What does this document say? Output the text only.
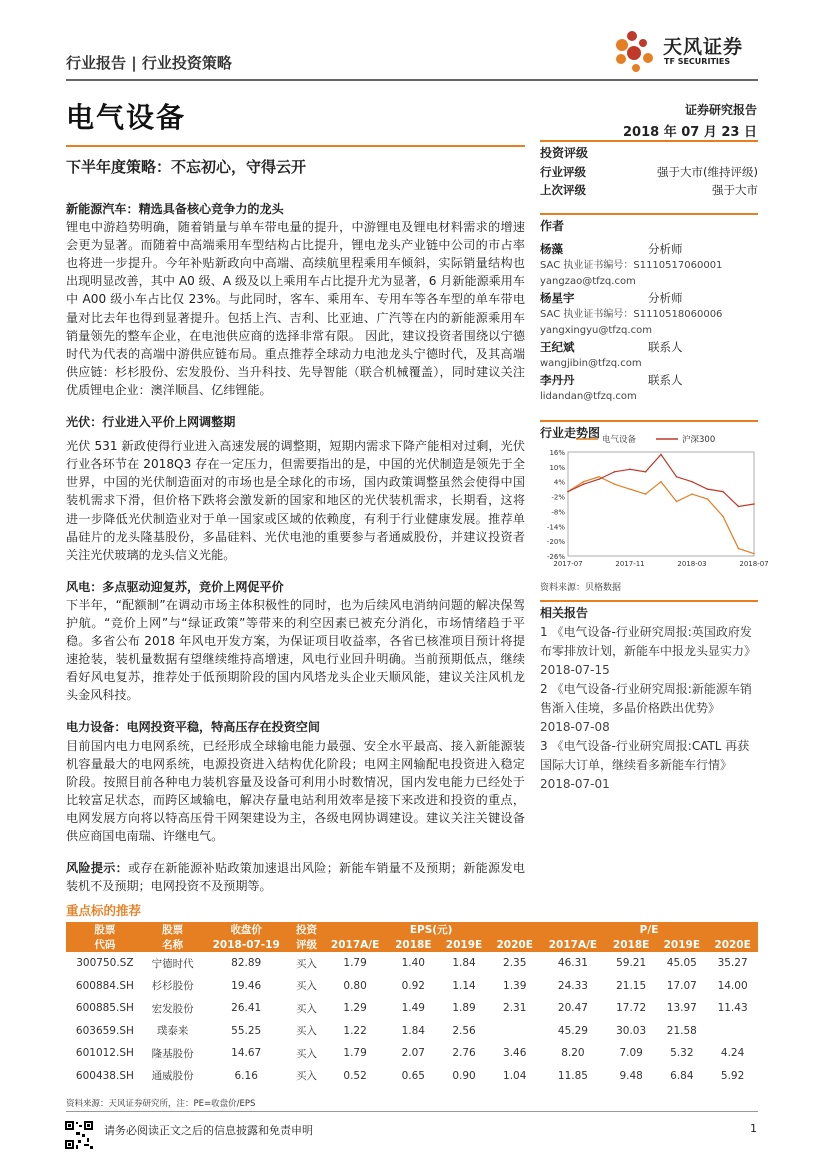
行业报告 | 行业投资策略
天风证券
TF SECURITIES
电气设备	证券研究报告
2018 年 07 月 23 日
下半年度策略：不忘初心，守得云开
新能源汽车：精选具备核心竞争力的龙头

锂电中游趋势明确，随着销量与单车带电量的提升，中游锂电及锂电材料需求的增速会更为显著。而随着中高端乘用车型结构占比提升，锂电龙头产业链中公司的市占率也将进一步提升。今年补贴新政向中高端、高续航里程乘用车倾斜，实际销量结构也出现明显改善，其中 A0 级、A 级及以上乘用车占比提升尤为显著，6 月新能源乘用车中 A00 级小车占比仅 23%。与此同时，客车、乘用车、专用车等各车型的单车带电量对比去年也得到显著提升。包括上汽、吉利、比亚迪、广汽等在内的新能源乘用车销量领先的整车企业，在电池供应商的选择非常有限。 因此，建议投资者围绕以宁德时代为代表的高端中游供应链布局。重点推荐全球动力电池龙头宁德时代，及其高端供应链：杉杉股份、宏发股份、当升科技、先导智能（联合机械覆盖），同时建议关注优质锂电企业：澳洋顺昌、亿纬锂能。

光伏：行业进入平价上网调整期

光伏 531 新政使得行业进入高速发展的调整期，短期内需求下降产能相对过剩，光伏行业各环节在 2018Q3 存在一定压力，但需要指出的是，中国的光伏制造是领先于全世界，中国的光伏制造面对的市场也是全球化的市场，国内政策调整虽然会使得中国装机需求下滑，但价格下跌将会激发新的国家和地区的光伏装机需求，长期看，这将进一步降低光伏制造业对于单一国家或区域的依赖度，有利于行业健康发展。推荐单晶硅片的龙头隆基股份，多晶硅料、光伏电池的重要参与者通威股份，并建议投资者关注光伏玻璃的龙头信义光能。

风电：多点驱动迎复苏，竞价上网促平价

下半年，“配额制”在调动市场主体积极性的同时，也为后续风电消纳问题的解决保驾护航。“竞价上网”与“绿证政策”等带来的利空因素已被充分消化，市场情绪趋于平稳。多省公布 2018 年风电开发方案，为保证项目收益率，各省已核准项目预计将提速抢装，装机量数据有望继续维持高增速，风电行业回升明确。当前预期低点，继续看好风电复苏，推荐处于低预期阶段的国内风塔龙头企业天顺风能，建议关注风机龙头金风科技。

电力设备：电网投资平稳，特高压存在投资空间

目前国内电力电网系统，已经形成全球输电能力最强、安全水平最高、接入新能源装机容量最大的电网系统，电源投资进入结构优化阶段；电网主网输配电投资进入稳定阶段。按照目前各种电力装机容量及设备可利用小时数情况，国内发电能力已经处于比较富足状态，而跨区域输电，解决存量电站利用效率是接下来改进和投资的重点，电网发展方向将以特高压骨干网架建设为主，各级电网协调建设。建议关注关键设备供应商国电南瑞、许继电气。

风险提示：或存在新能源补贴政策加速退出风险；新能车销量不及预期；新能源发电装机不及预期；电网投资不及预期等。

投资评级
行业评级	强于大市(维持评级)
上次评级	强于大市
作者
杨藻	分析师
SAC 执业证书编号：S1110517060001
yangzao@tfzq.com
杨星宇	分析师
SAC 执业证书编号：S1110518060006
yangxingyu@tfzq.com
王纪斌	联系人
wangjibin@tfzq.com
李丹丹	联系人
lidandan@tfzq.com
行业走势图
16%
10%
4%
-2%
-8%
-14%
-20%
-26%
2017-07	2017-11	2018-03	2018-07
电气设备	沪深300
资料来源：贝格数据
相关报告
1 《电气设备-行业研究周报:英国政府发布零排放计划，新能车中报龙头显实力》
2018-07-15
2 《电气设备-行业研究周报:新能源车销售渐入佳境，多晶价格跌出优势》
2018-07-08
3 《电气设备-行业研究周报:CATL 再获国际大订单，继续看多新能车行情》
2018-07-01
重点标的推荐
股票	股票	收盘价	投资	EPS(元)				P/E			
代码	名称	2018-07-19	评级	2017A/E	2018E	2019E	2020E	2017A/E	2018E	2019E	2020E
300750.SZ	宁德时代	82.89	买入	1.79	1.40	1.84	2.35	46.31	59.21	45.05	35.27
600884.SH	杉杉股份	19.46	买入	0.80	0.92	1.14	1.39	24.33	21.15	17.07	14.00
600885.SH	宏发股份	26.41	买入	1.29	1.49	1.89	2.31	20.47	17.72	13.97	11.43
603659.SH	璞泰来	55.25	买入	1.22	1.84	2.56		45.29	30.03	21.58	
601012.SH	隆基股份	14.67	买入	1.79	2.07	2.76	3.46	8.20	7.09	5.32	4.24
600438.SH	通威股份	6.16	买入	0.52	0.65	0.90	1.04	11.85	9.48	6.84	5.92
资料来源：天风证券研究所，注：PE=收盘价/EPS
请务必阅读正文之后的信息披露和免责申明	1
